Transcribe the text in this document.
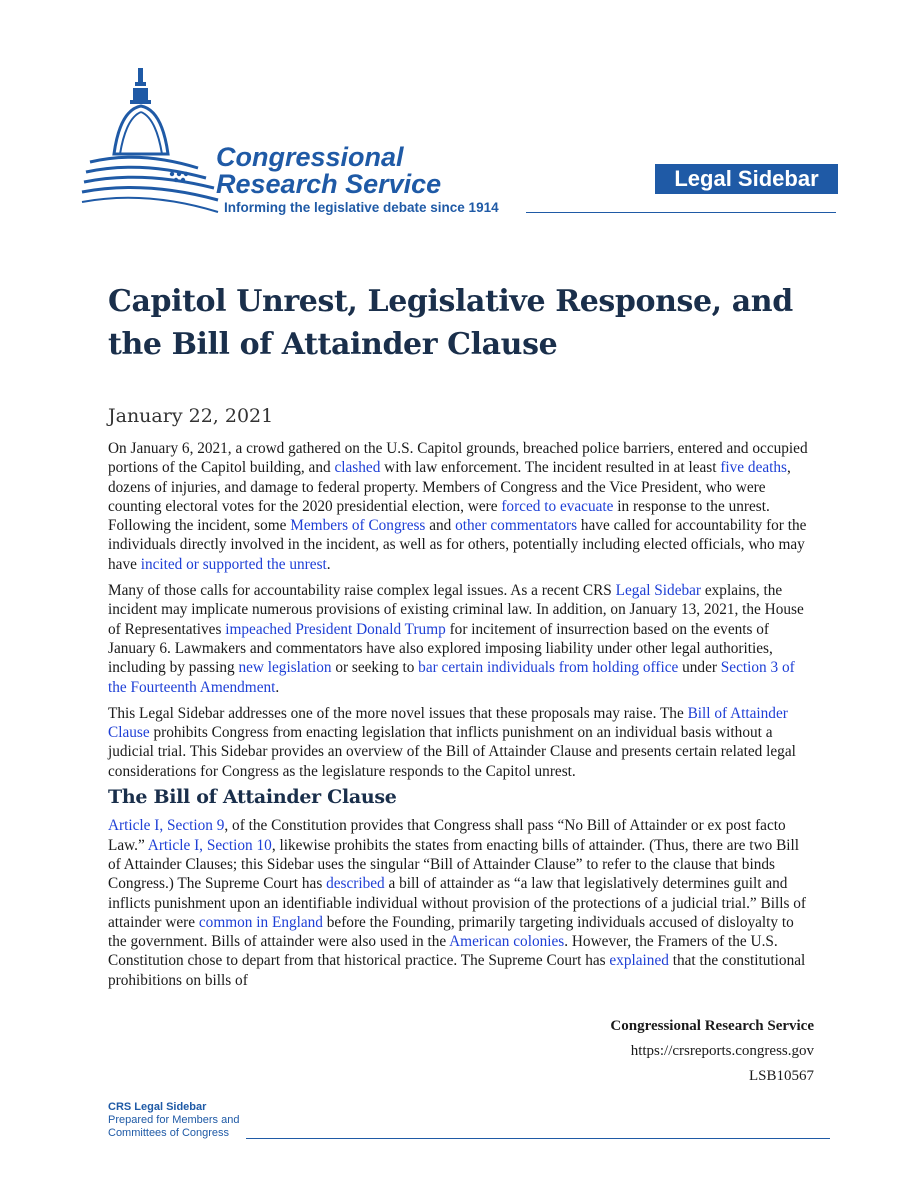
Congressional
Research Service
Informing the legislative debate since 1914
Legal Sidebar
Capitol Unrest, Legislative Response, and the Bill of Attainder Clause
January 22, 2021

On January 6, 2021, a crowd gathered on the U.S. Capitol grounds, breached police barriers, entered and occupied portions of the Capitol building, and clashed with law enforcement. The incident resulted in at least five deaths, dozens of injuries, and damage to federal property. Members of Congress and the Vice President, who were counting electoral votes for the 2020 presidential election, were forced to evacuate in response to the unrest. Following the incident, some Members of Congress and other commentators have called for accountability for the individuals directly involved in the incident, as well as for others, potentially including elected officials, who may have incited or supported the unrest.

Many of those calls for accountability raise complex legal issues. As a recent CRS Legal Sidebar explains, the incident may implicate numerous provisions of existing criminal law. In addition, on January 13, 2021, the House of Representatives impeached President Donald Trump for incitement of insurrection based on the events of January 6. Lawmakers and commentators have also explored imposing liability under other legal authorities, including by passing new legislation or seeking to bar certain individuals from holding office under Section 3 of the Fourteenth Amendment.

This Legal Sidebar addresses one of the more novel issues that these proposals may raise. The Bill of Attainder Clause prohibits Congress from enacting legislation that inflicts punishment on an individual basis without a judicial trial. This Sidebar provides an overview of the Bill of Attainder Clause and presents certain related legal considerations for Congress as the legislature responds to the Capitol unrest.

The Bill of Attainder Clause

Article I, Section 9, of the Constitution provides that Congress shall pass “No Bill of Attainder or ex post facto Law.” Article I, Section 10, likewise prohibits the states from enacting bills of attainder. (Thus, there are two Bill of Attainder Clauses; this Sidebar uses the singular “Bill of Attainder Clause” to refer to the clause that binds Congress.) The Supreme Court has described a bill of attainder as “a law that legislatively determines guilt and inflicts punishment upon an identifiable individual without provision of the protections of a judicial trial.” Bills of attainder were common in England before the Founding, primarily targeting individuals accused of disloyalty to the government. Bills of attainder were also used in the American colonies. However, the Framers of the U.S. Constitution chose to depart from that historical practice. The Supreme Court has explained that the constitutional prohibitions on bills of

Congressional Research Service
https://crsreports.congress.gov
LSB10567
CRS Legal Sidebar
Prepared for Members and
Committees of Congress
